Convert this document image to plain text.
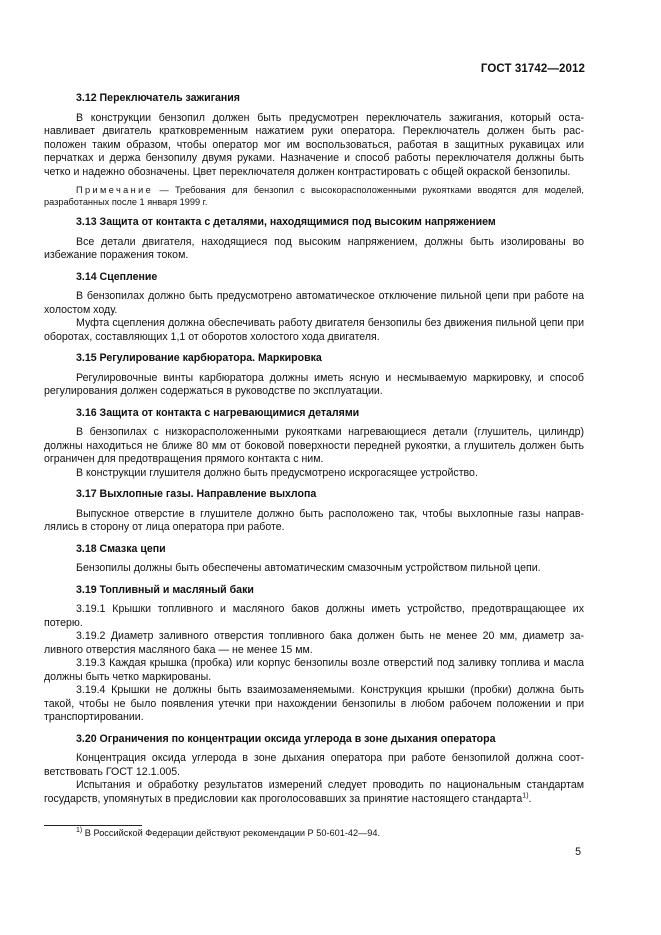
ГОСТ 31742—2012
3.12 Переключатель зажигания

В конструкции бензопил должен быть предусмотрен переключатель зажигания, который оста-навливает двигатель кратковременным нажатием руки оператора. Переключатель должен быть рас-положен таким образом, чтобы оператор мог им воспользоваться, работая в защитных рукавицах или перчатках и держа бензопилу двумя руками. Назначение и способ работы переключателя должны быть четко и надежно обозначены. Цвет переключателя должен контрастировать с общей окраской бензопилы.

Примечание — Требования для бензопил с высокорасположенными рукоятками вводятся для моделей, разработанных после 1 января 1999 г.

3.13 Защита от контакта с деталями, находящимися под высоким напряжением

Все детали двигателя, находящиеся под высоким напряжением, должны быть изолированы во избежание поражения током.

3.14 Сцепление

В бензопилах должно быть предусмотрено автоматическое отключение пильной цепи при работе на холостом ходу.

Муфта сцепления должна обеспечивать работу двигателя бензопилы без движения пильной цепи при оборотах, составляющих 1,1 от оборотов холостого хода двигателя.

3.15 Регулирование карбюратора. Маркировка

Регулировочные винты карбюратора должны иметь ясную и несмываемую маркировку, и способ регулирования должен содержаться в руководстве по эксплуатации.

3.16 Защита от контакта с нагревающимися деталями

В бензопилах с низкорасположенными рукоятками нагревающиеся детали (глушитель, цилиндр) должны находиться не ближе 80 мм от боковой поверхности передней рукоятки, а глушитель должен быть ограничен для предотвращения прямого контакта с ним.

В конструкции глушителя должно быть предусмотрено искрогасящее устройство.

3.17 Выхлопные газы. Направление выхлопа

Выпускное отверстие в глушителе должно быть расположено так, чтобы выхлопные газы направ-лялись в сторону от лица оператора при работе.

3.18 Смазка цепи

Бензопилы должны быть обеспечены автоматическим смазочным устройством пильной цепи.

3.19 Топливный и масляный баки

3.19.1 Крышки топливного и масляного баков должны иметь устройство, предотвращающее их потерю.

3.19.2 Диаметр заливного отверстия топливного бака должен быть не менее 20 мм, диаметр за-ливного отверстия масляного бака — не менее 15 мм.

3.19.3 Каждая крышка (пробка) или корпус бензопилы возле отверстий под заливку топлива и масла должны быть четко маркированы.

3.19.4 Крышки не должны быть взаимозаменяемыми. Конструкция крышки (пробки) должна быть такой, чтобы не было появления утечки при нахождении бензопилы в любом рабочем положении и при транспортировании.

3.20 Ограничения по концентрации оксида углерода в зоне дыхания оператора

Концентрация оксида углерода в зоне дыхания оператора при работе бензопилой должна соот-ветствовать ГОСТ 12.1.005.

Испытания и обработку результатов измерений следует проводить по национальным стандартам государств, упомянутых в предисловии как проголосовавших за принятие настоящего стандарта$^{1)}$.

$^{1)}$ В Российской Федерации действуют рекомендации Р 50-601-42—94.
5
